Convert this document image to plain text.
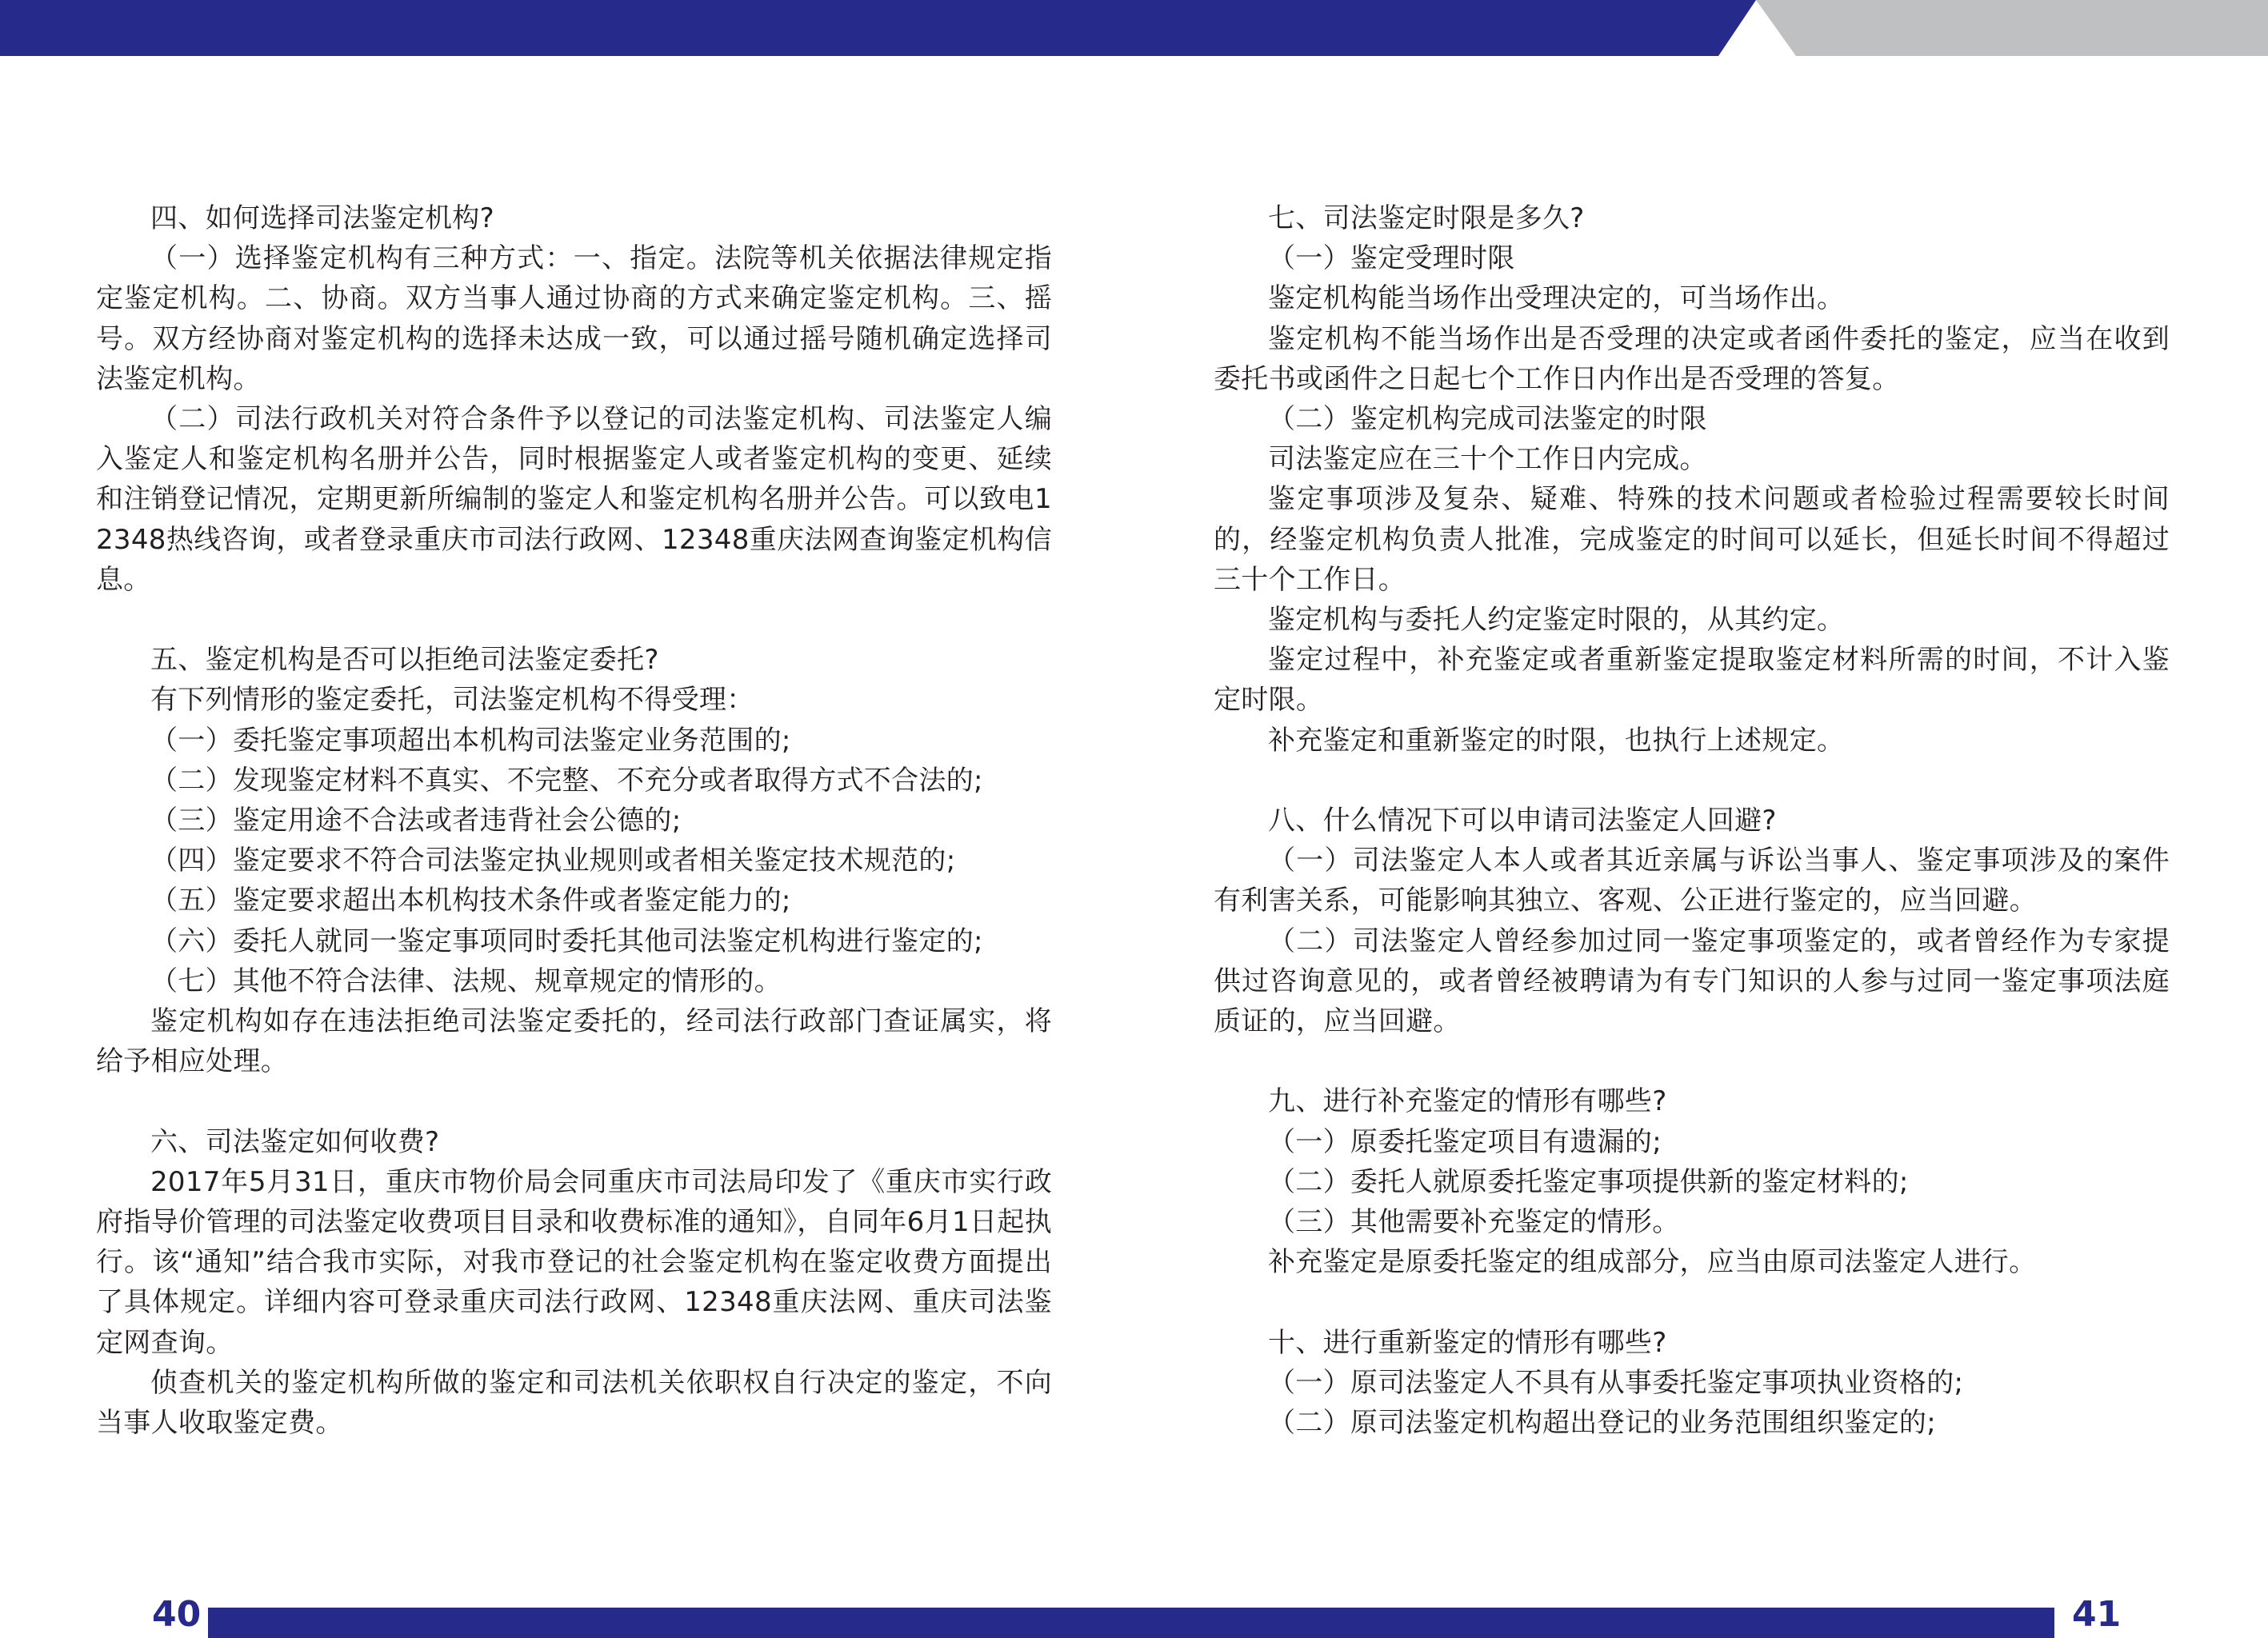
四、如何选择司法鉴定机构?

（一）选择鉴定机构有三种方式：一、指定。法院等机关依据法律规定指定鉴定机构。二、协商。双方当事人通过协商的方式来确定鉴定机构。三、摇号。双方经协商对鉴定机构的选择未达成一致，可以通过摇号随机确定选择司法鉴定机构。

（二）司法行政机关对符合条件予以登记的司法鉴定机构、司法鉴定人编入鉴定人和鉴定机构名册并公告，同时根据鉴定人或者鉴定机构的变更、延续和注销登记情况，定期更新所编制的鉴定人和鉴定机构名册并公告。可以致电12348热线咨询，或者登录重庆市司法行政网、12348重庆法网查询鉴定机构信息。

五、鉴定机构是否可以拒绝司法鉴定委托?

有下列情形的鉴定委托，司法鉴定机构不得受理：

（一）委托鉴定事项超出本机构司法鉴定业务范围的;

（二）发现鉴定材料不真实、不完整、不充分或者取得方式不合法的;

（三）鉴定用途不合法或者违背社会公德的;

（四）鉴定要求不符合司法鉴定执业规则或者相关鉴定技术规范的;

（五）鉴定要求超出本机构技术条件或者鉴定能力的;

（六）委托人就同一鉴定事项同时委托其他司法鉴定机构进行鉴定的;

（七）其他不符合法律、法规、规章规定的情形的。

鉴定机构如存在违法拒绝司法鉴定委托的，经司法行政部门查证属实，将给予相应处理。

六、司法鉴定如何收费?

2017年5月31日，重庆市物价局会同重庆市司法局印发了《重庆市实行政府指导价管理的司法鉴定收费项目目录和收费标准的通知》，自同年6月1日起执行。该“通知”结合我市实际，对我市登记的社会鉴定机构在鉴定收费方面提出了具体规定。详细内容可登录重庆司法行政网、12348重庆法网、重庆司法鉴定网查询。

侦查机关的鉴定机构所做的鉴定和司法机关依职权自行决定的鉴定，不向当事人收取鉴定费。

七、司法鉴定时限是多久?

（一）鉴定受理时限

鉴定机构能当场作出受理决定的，可当场作出。

鉴定机构不能当场作出是否受理的决定或者函件委托的鉴定，应当在收到委托书或函件之日起七个工作日内作出是否受理的答复。

（二）鉴定机构完成司法鉴定的时限

司法鉴定应在三十个工作日内完成。

鉴定事项涉及复杂、疑难、特殊的技术问题或者检验过程需要较长时间的，经鉴定机构负责人批准，完成鉴定的时间可以延长，但延长时间不得超过三十个工作日。

鉴定机构与委托人约定鉴定时限的，从其约定。

鉴定过程中，补充鉴定或者重新鉴定提取鉴定材料所需的时间，不计入鉴定时限。

补充鉴定和重新鉴定的时限，也执行上述规定。

八、什么情况下可以申请司法鉴定人回避?

（一）司法鉴定人本人或者其近亲属与诉讼当事人、鉴定事项涉及的案件有利害关系，可能影响其独立、客观、公正进行鉴定的，应当回避。

（二）司法鉴定人曾经参加过同一鉴定事项鉴定的，或者曾经作为专家提供过咨询意见的，或者曾经被聘请为有专门知识的人参与过同一鉴定事项法庭质证的，应当回避。

九、进行补充鉴定的情形有哪些?

（一）原委托鉴定项目有遗漏的;

（二）委托人就原委托鉴定事项提供新的鉴定材料的;

（三）其他需要补充鉴定的情形。

补充鉴定是原委托鉴定的组成部分，应当由原司法鉴定人进行。

十、进行重新鉴定的情形有哪些?

（一）原司法鉴定人不具有从事委托鉴定事项执业资格的;

（二）原司法鉴定机构超出登记的业务范围组织鉴定的;

40	41
